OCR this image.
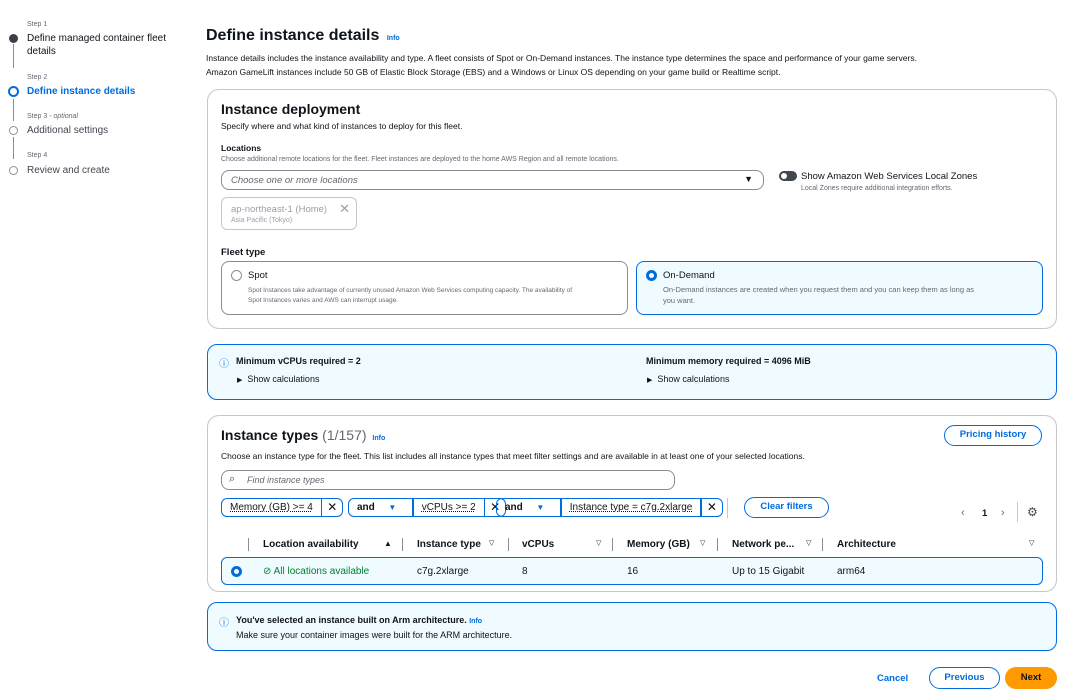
Step 1
Define managed container fleet details
Step 2
Define instance details
Step 3 - optional
Additional settings
Step 4
Review and create
Define instance details Info
Instance details includes the instance availability and type. A fleet consists of Spot or On-Demand instances. The instance type determines the space and performance of your game servers.
Amazon GameLift instances include 50 GB of Elastic Block Storage (EBS) and a Windows or Linux OS depending on your game build or Realtime script.
Instance deployment
Specify where and what kind of instances to deploy for this fleet.
Locations
Choose additional remote locations for the fleet. Fleet instances are deployed to the home AWS Region and all remote locations.
Choose one or more locations	▼	Show Amazon Web Services Local Zones
Local Zones require additional integration efforts.
ap-northeast-1 (Home)
Asia Pacific (Tokyo)
✕
Fleet type
Spot
Spot Instances take advantage of currently unused Amazon Web Services computing capacity. The availability of
Spot Instances varies and AWS can interrupt usage.
On-Demand
On-Demand instances are created when you request them and you can keep them as long as
you want.
ⓘ Minimum vCPUs required = 2
▶ Show calculations
Minimum memory required = 4096 MiB
▶ Show calculations
Instance types (1/157) Info	Pricing history
Choose an instance type for the fleet. This list includes all instance types that meet filter settings and are available in at least one of your selected locations.
⌕ Find instance types
Memory (GB) >= 4	✕	and ▼	vCPUs >= 2	✕ and ▼	Instance type = c7g.2xlarge	✕	Clear filters
‹ 1 › ⚙
Location availability	▲	Instance type ▽	vCPUs	▽	Memory (GB) ▽	Network pe... ▽	Architecture	▽
⊘ All locations available	c7g.2xlarge	8	16	Up to 15 Gigabit	arm64
ⓘ You've selected an instance built on Arm architecture. Info
Make sure your container images were built for the ARM architecture.
Cancel	Previous	Next
